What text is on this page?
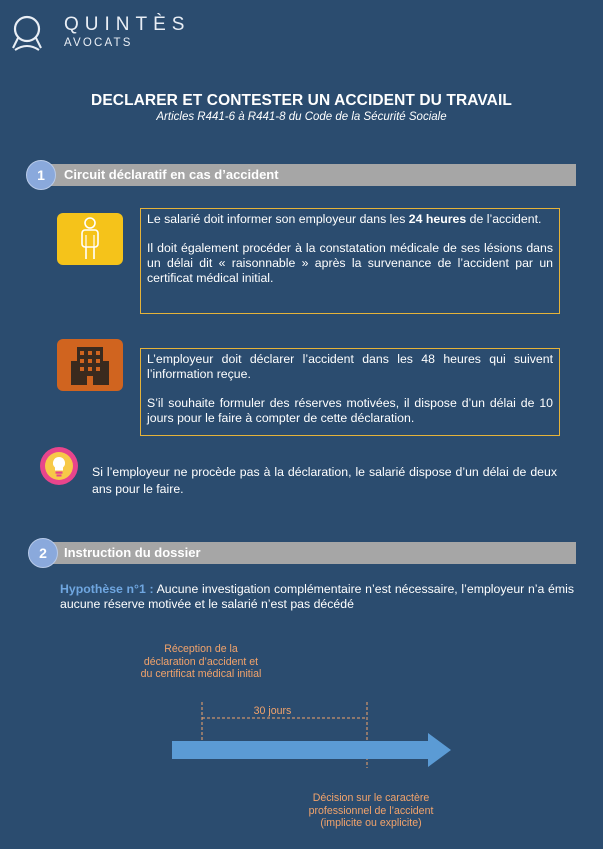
QUINTÈS
AVOCATS
DECLARER ET CONTESTER UN ACCIDENT DU TRAVAIL
Articles R441-6 à R441-8 du Code de la Sécurité Sociale
Circuit déclaratif en cas d’accident
1

Le salarié doit informer son employeur dans les 24 heures de l’accident.

Il doit également procéder à la constatation médicale de ses lésions dans un délai dit « raisonnable » après la survenance de l’accident par un certificat médical initial.

L’employeur doit déclarer l’accident dans les 48 heures qui suivent l’information reçue.

S’il souhaite formuler des réserves motivées, il dispose d’un délai de 10 jours pour le faire à compter de cette déclaration.

Si l’employeur ne procède pas à la déclaration, le salarié dispose d’un délai de deux ans pour le faire.
Instruction du dossier
2
Hypothèse n°1 : Aucune investigation complémentaire n’est nécessaire, l’employeur n’a émis aucune réserve motivée et le salarié n’est pas décédé
Réception de la déclaration d’accident et du certificat médical initial
30 jours
Décision sur le caractère professionnel de l’accident (implicite ou explicite)
